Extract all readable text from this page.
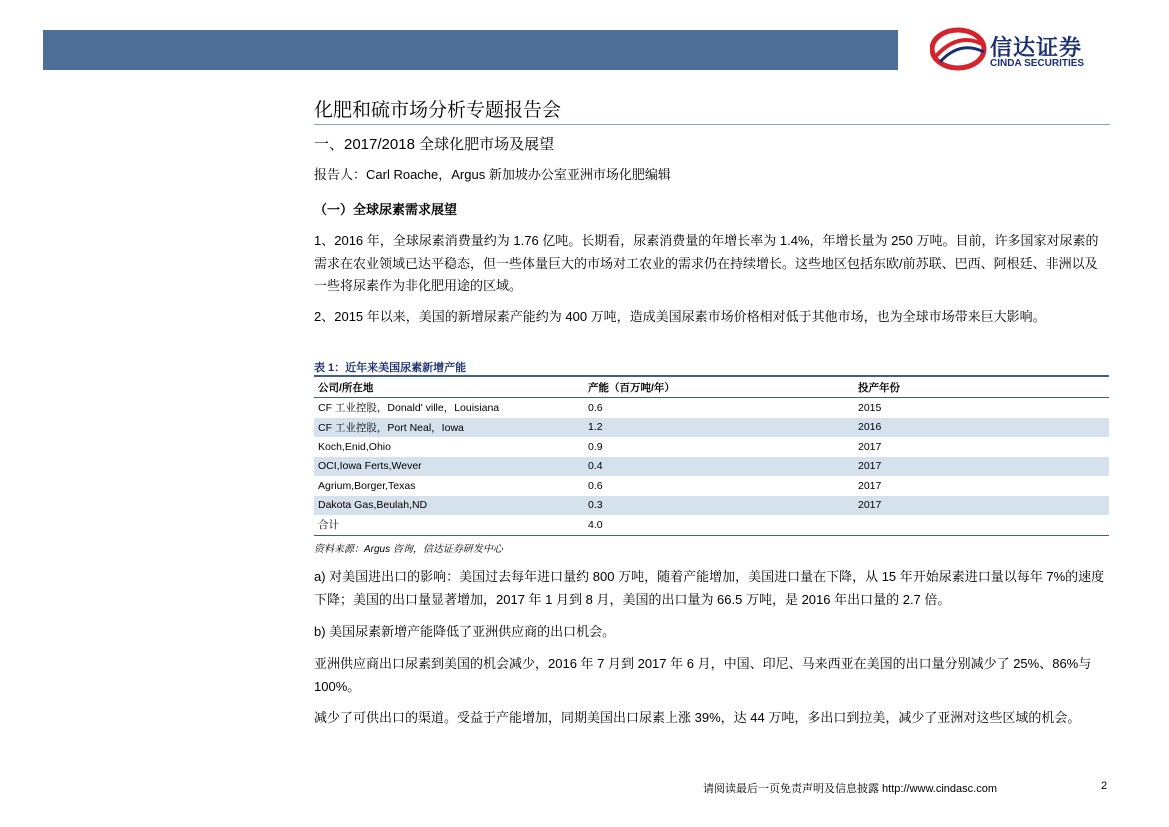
信达证券
CINDA SECURITIES
化肥和硫市场分析专题报告会
一、2017/2018 全球化肥市场及展望
报告人：Carl Roache，Argus 新加坡办公室亚洲市场化肥编辑
（一）全球尿素需求展望

1、2016 年，全球尿素消费量约为 1.76 亿吨。长期看，尿素消费量的年增长率为 1.4%，年增长量为 250 万吨。目前，许多国家对尿素的需求在农业领域已达平稳态，但一些体量巨大的市场对工农业的需求仍在持续增长。这些地区包括东欧/前苏联、巴西、阿根廷、非洲以及一些将尿素作为非化肥用途的区域。

2、2015 年以来，美国的新增尿素产能约为 400 万吨，造成美国尿素市场价格相对低于其他市场，也为全球市场带来巨大影响。

表 1：近年来美国尿素新增产能
公司/所在地	产能（百万吨/年）	投产年份
CF 工业控股，Donald' ville，Louisiana	0.6	2015
CF 工业控股，Port Neal，Iowa	1.2	2016
Koch,Enid,Ohio	0.9	2017
OCI,Iowa Ferts,Wever	0.4	2017
Agrium,Borger,Texas	0.6	2017
Dakota Gas,Beulah,ND	0.3	2017
合计	4.0	
资料来源：Argus 咨询，信达证券研发中心

a) 对美国进出口的影响：美国过去每年进口量约 800 万吨，随着产能增加，美国进口量在下降，从 15 年开始尿素进口量以每年 7%的速度下降；美国的出口量显著增加，2017 年 1 月到 8 月，美国的出口量为 66.5 万吨，是 2016 年出口量的 2.7 倍。

b) 美国尿素新增产能降低了亚洲供应商的出口机会。

亚洲供应商出口尿素到美国的机会减少，2016 年 7 月到 2017 年 6 月，中国、印尼、马来西亚在美国的出口量分别减少了 25%、86%与 100%。

减少了可供出口的渠道。受益于产能增加，同期美国出口尿素上涨 39%，达 44 万吨，多出口到拉美，减少了亚洲对这些区域的机会。

请阅读最后一页免责声明及信息披露 http://www.cindasc.com	2
